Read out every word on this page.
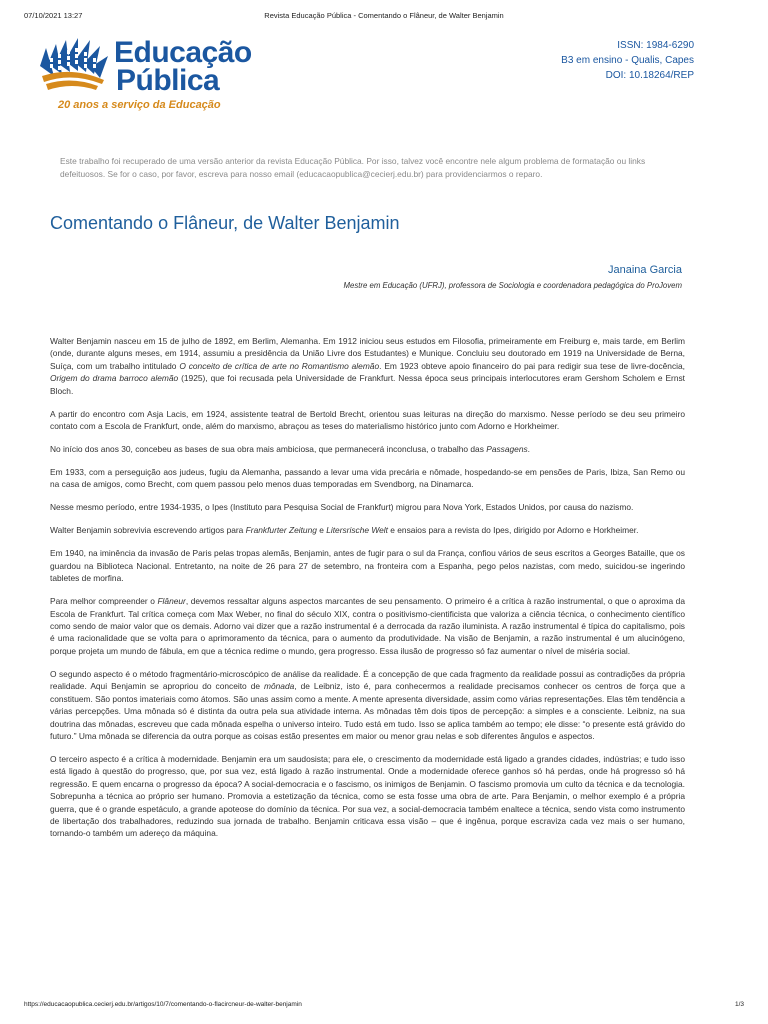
07/10/2021 13:27	Revista Educação Pública - Comentando o Flâneur, de Walter Benjamin
Educação
Pública
20 anos a serviço da Educação
ISSN: 1984-6290
B3 em ensino - Qualis, Capes
DOI: 10.18264/REP
Este trabalho foi recuperado de uma versão anterior da revista Educação Pública. Por isso, talvez você encontre nele algum problema de formatação ou links defeituosos. Se for o caso, por favor, escreva para nosso email (educacaopublica@cecierj.edu.br) para providenciarmos o reparo.
Comentando o Flâneur, de Walter Benjamin
Janaina Garcia
Mestre em Educação (UFRJ), professora de Sociologia e coordenadora pedagógica do ProJovem

Walter Benjamin nasceu em 15 de julho de 1892, em Berlim, Alemanha. Em 1912 iniciou seus estudos em Filosofia, primeiramente em Freiburg e, mais tarde, em Berlim (onde, durante alguns meses, em 1914, assumiu a presidência da União Livre dos Estudantes) e Munique. Concluiu seu doutorado em 1919 na Universidade de Berna, Suíça, com um trabalho intitulado O conceito de crítica de arte no Romantismo alemão. Em 1923 obteve apoio financeiro do pai para redigir sua tese de livre-docência, Origem do drama barroco alemão (1925), que foi recusada pela Universidade de Frankfurt. Nessa época seus principais interlocutores eram Gershom Scholem e Ernst Bloch.

A partir do encontro com Asja Lacis, em 1924, assistente teatral de Bertold Brecht, orientou suas leituras na direção do marxismo. Nesse período se deu seu primeiro contato com a Escola de Frankfurt, onde, além do marxismo, abraçou as teses do materialismo histórico junto com Adorno e Horkheimer.

No início dos anos 30, concebeu as bases de sua obra mais ambiciosa, que permanecerá inconclusa, o trabalho das Passagens.

Em 1933, com a perseguição aos judeus, fugiu da Alemanha, passando a levar uma vida precária e nômade, hospedando-se em pensões de Paris, Ibiza, San Remo ou na casa de amigos, como Brecht, com quem passou pelo menos duas temporadas em Svendborg, na Dinamarca.

Nesse mesmo período, entre 1934-1935, o Ipes (Instituto para Pesquisa Social de Frankfurt) migrou para Nova York, Estados Unidos, por causa do nazismo.

Walter Benjamin sobrevivia escrevendo artigos para Frankfurter Zeitung e Litersrische Welt e ensaios para a revista do Ipes, dirigido por Adorno e Horkheimer.

Em 1940, na iminência da invasão de Paris pelas tropas alemãs, Benjamin, antes de fugir para o sul da França, confiou vários de seus escritos a Georges Bataille, que os guardou na Biblioteca Nacional. Entretanto, na noite de 26 para 27 de setembro, na fronteira com a Espanha, pego pelos nazistas, com medo, suicidou-se ingerindo tabletes de morfina.

Para melhor compreender o Flâneur, devemos ressaltar alguns aspectos marcantes de seu pensamento. O primeiro é a crítica à razão instrumental, o que o aproxima da Escola de Frankfurt. Tal crítica começa com Max Weber, no final do século XIX, contra o positivismo-cientificista que valoriza a ciência técnica, o conhecimento científico como sendo de maior valor que os demais. Adorno vai dizer que a razão instrumental é a derrocada da razão iluminista. A razão instrumental é típica do capitalismo, pois é uma racionalidade que se volta para o aprimoramento da técnica, para o aumento da produtividade. Na visão de Benjamin, a razão instrumental é um alucinógeno, porque projeta um mundo de fábula, em que a técnica redime o mundo, gera progresso. Essa ilusão de progresso só faz aumentar o nível de miséria social.

O segundo aspecto é o método fragmentário-microscópico de análise da realidade. É a concepção de que cada fragmento da realidade possui as contradições da própria realidade. Aqui Benjamin se apropriou do conceito de mônada, de Leibniz, isto é, para conhecermos a realidade precisamos conhecer os centros de força que a constituem. São pontos imateriais como átomos. São unas assim como a mente. A mente apresenta diversidade, assim como várias representações. Elas têm tendência a várias percepções. Uma mônada só é distinta da outra pela sua atividade interna. As mônadas têm dois tipos de percepção: a simples e a consciente. Leibniz, na sua doutrina das mônadas, escreveu que cada mônada espelha o universo inteiro. Tudo está em tudo. Isso se aplica também ao tempo; ele disse: “o presente está grávido do futuro.” Uma mônada se diferencia da outra porque as coisas estão presentes em maior ou menor grau nelas e sob diferentes ângulos e aspectos.

O terceiro aspecto é a crítica à modernidade. Benjamin era um saudosista; para ele, o crescimento da modernidade está ligado a grandes cidades, indústrias; e tudo isso está ligado à questão do progresso, que, por sua vez, está ligado à razão instrumental. Onde a modernidade oferece ganhos só há perdas, onde há progresso só há regressão. E quem encarna o progresso da época? A social-democracia e o fascismo, os inimigos de Benjamin. O fascismo promovia um culto da técnica e da tecnologia. Sobrepunha a técnica ao próprio ser humano. Promovia a estetização da técnica, como se esta fosse uma obra de arte. Para Benjamin, o melhor exemplo é a própria guerra, que é o grande espetáculo, a grande apoteose do domínio da técnica. Por sua vez, a social-democracia também enaltece a técnica, sendo vista como instrumento de libertação dos trabalhadores, reduzindo sua jornada de trabalho. Benjamin criticava essa visão – que é ingênua, porque escraviza cada vez mais o ser humano, tornando-o também um adereço da máquina.

https://educacaopublica.cecierj.edu.br/artigos/10/7/comentando-o-flacircneur-de-walter-benjamin	1/3
